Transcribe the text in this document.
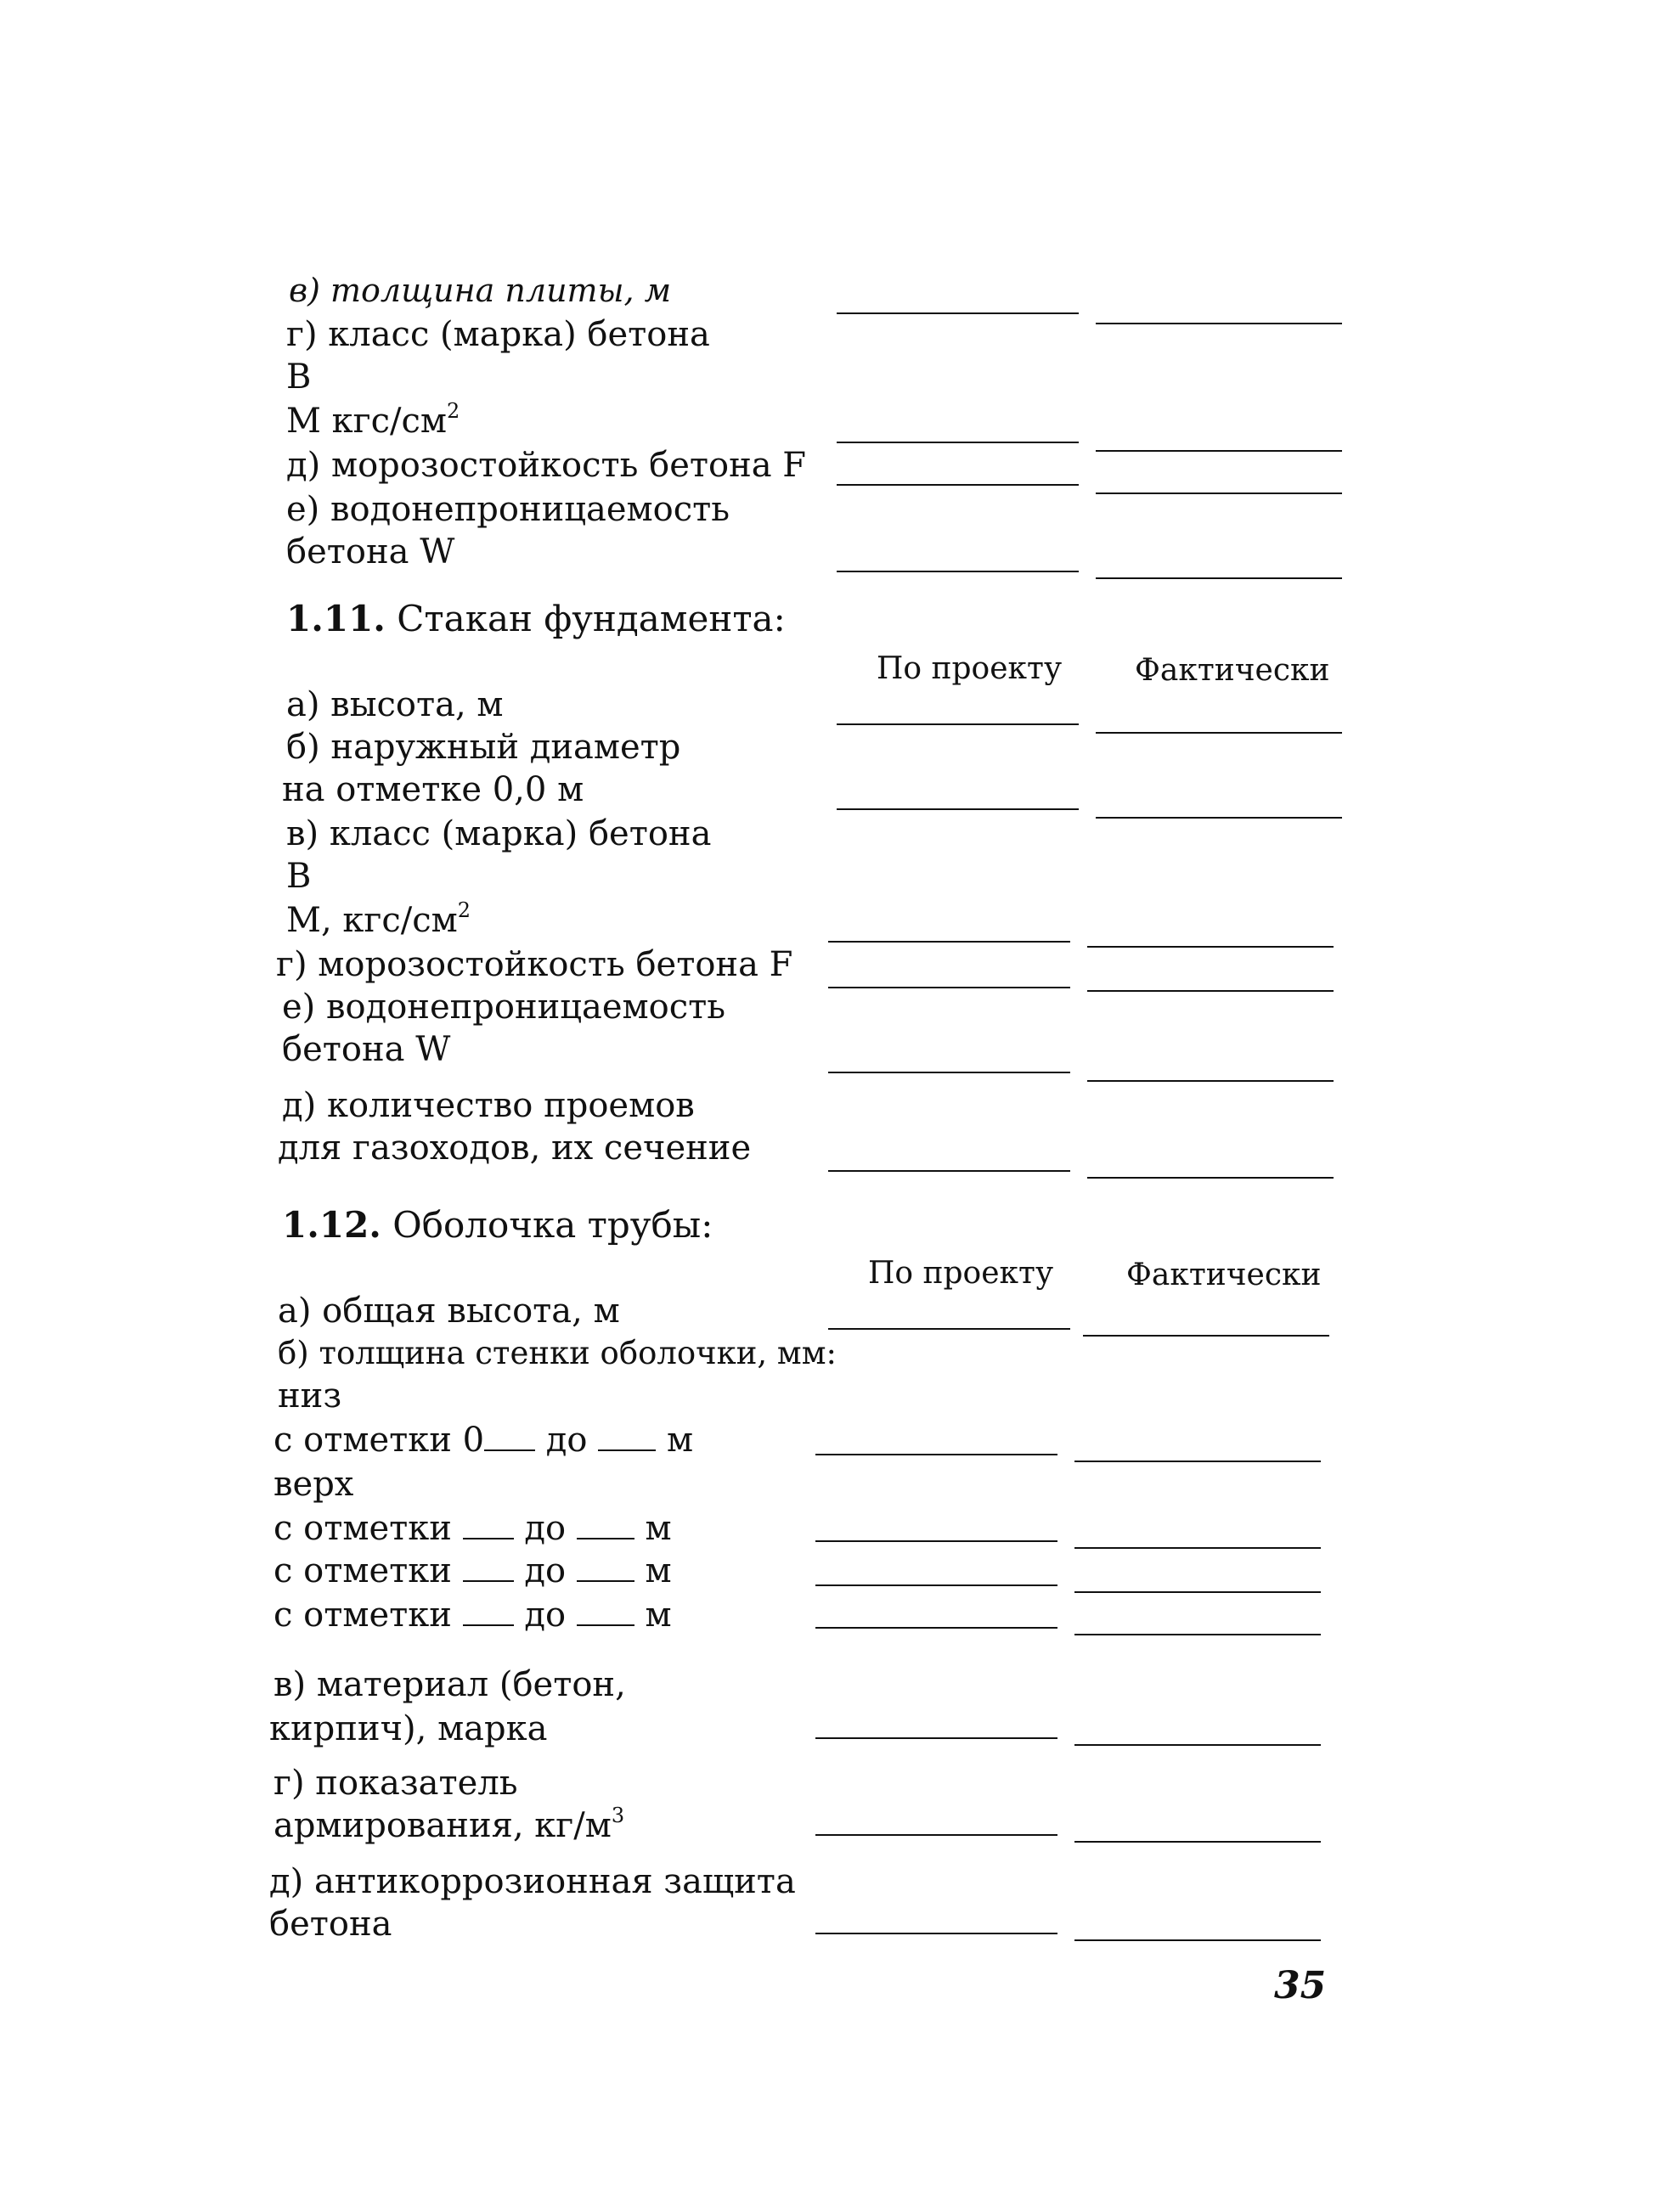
в) толщина плиты, м
г) класс (марка) бетона
В
М кгс/$см^2$
д) морозостойкость бетона F
е) водонепроницаемость
бетона W
1.11. Стакан фундамента:
По проекту Фактически
а) высота, м
б) наружный диаметр
на отметке 0,0 м
в) класс (марка) бетона
В
М, кгс/$см^2$
г) морозостойкость бетона F
е) водонепроницаемость
бетона W
д) количество проемов
для газоходов, их сечение
1.12. Оболочка трубы:
По проекту Фактически
а) общая высота, м
б) толщина стенки оболочки, мм:
низ
с отметки 0 до м
верх
с отметки до м
с отметки до м
с отметки до м
в) материал (бетон,
кирпич), марка
г) показатель
армирования, $кг/м^3$
д) антикоррозионная защита
бетона
35
